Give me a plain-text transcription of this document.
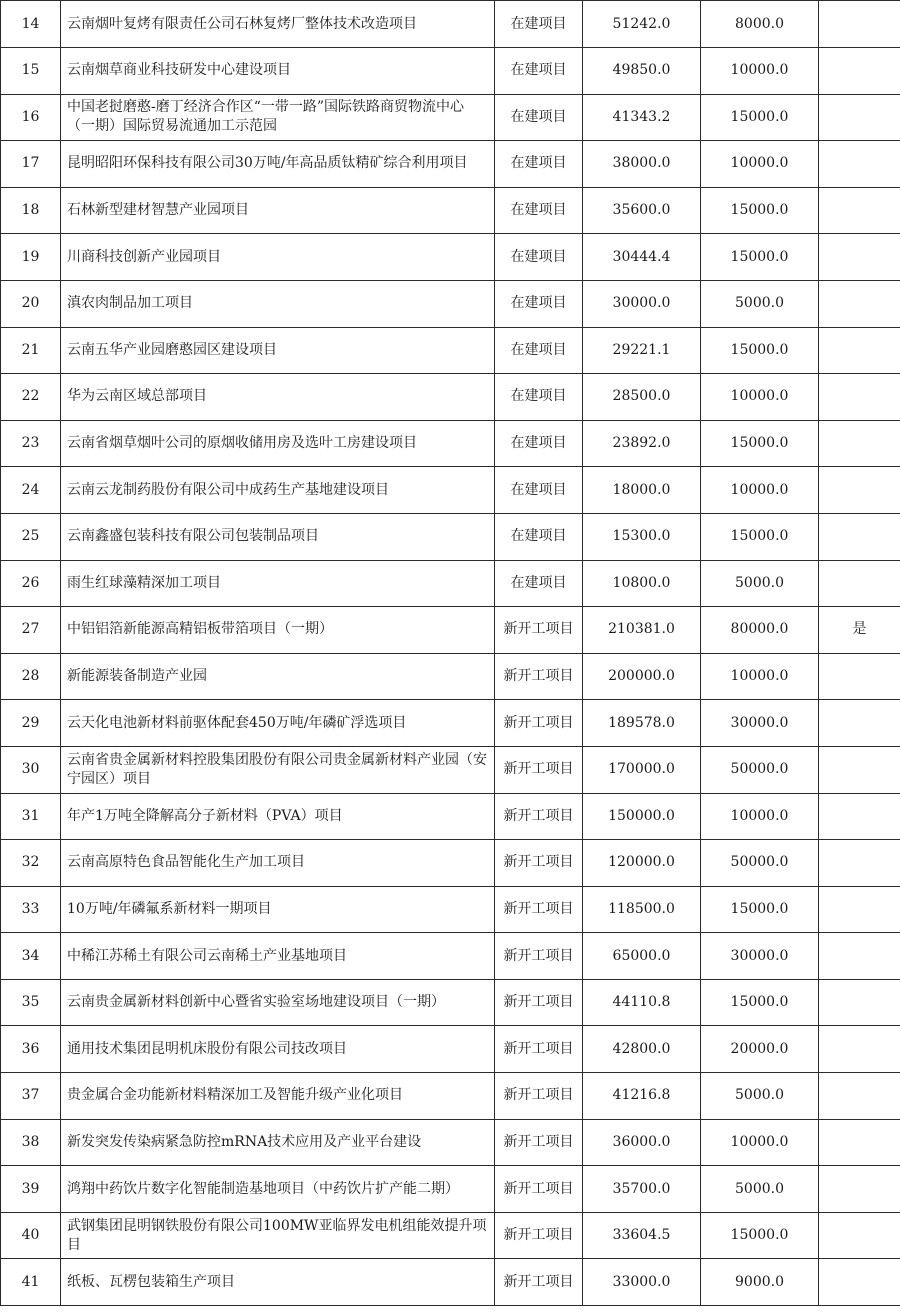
14	云南烟叶复烤有限责任公司石林复烤厂整体技术改造项目	在建项目	51242.0	8000.0	
15	云南烟草商业科技研发中心建设项目	在建项目	49850.0	10000.0	
16	中国老挝磨憨-磨丁经济合作区“一带一路”国际铁路商贸物流中心（一期）国际贸易流通加工示范园	在建项目	41343.2	15000.0	
17	昆明昭阳环保科技有限公司30万吨/年高品质钛精矿综合利用项目	在建项目	38000.0	10000.0	
18	石林新型建材智慧产业园项目	在建项目	35600.0	15000.0	
19	川商科技创新产业园项目	在建项目	30444.4	15000.0	
20	滇农肉制品加工项目	在建项目	30000.0	5000.0	
21	云南五华产业园磨憨园区建设项目	在建项目	29221.1	15000.0	
22	华为云南区域总部项目	在建项目	28500.0	10000.0	
23	云南省烟草烟叶公司的原烟收储用房及选叶工房建设项目	在建项目	23892.0	15000.0	
24	云南云龙制药股份有限公司中成药生产基地建设项目	在建项目	18000.0	10000.0	
25	云南鑫盛包装科技有限公司包装制品项目	在建项目	15300.0	15000.0	
26	雨生红球藻精深加工项目	在建项目	10800.0	5000.0	
27	中铝铝箔新能源高精铝板带箔项目（一期）	新开工项目	210381.0	80000.0	是
28	新能源装备制造产业园	新开工项目	200000.0	10000.0	
29	云天化电池新材料前驱体配套450万吨/年磷矿浮选项目	新开工项目	189578.0	30000.0	
30	云南省贵金属新材料控股集团股份有限公司贵金属新材料产业园（安宁园区）项目	新开工项目	170000.0	50000.0	
31	年产1万吨全降解高分子新材料（PVA）项目	新开工项目	150000.0	10000.0	
32	云南高原特色食品智能化生产加工项目	新开工项目	120000.0	50000.0	
33	10万吨/年磷氟系新材料一期项目	新开工项目	118500.0	15000.0	
34	中稀江苏稀土有限公司云南稀土产业基地项目	新开工项目	65000.0	30000.0	
35	云南贵金属新材料创新中心暨省实验室场地建设项目（一期）	新开工项目	44110.8	15000.0	
36	通用技术集团昆明机床股份有限公司技改项目	新开工项目	42800.0	20000.0	
37	贵金属合金功能新材料精深加工及智能升级产业化项目	新开工项目	41216.8	5000.0	
38	新发突发传染病紧急防控mRNA技术应用及产业平台建设	新开工项目	36000.0	10000.0	
39	鸿翔中药饮片数字化智能制造基地项目（中药饮片扩产能二期）	新开工项目	35700.0	5000.0	
40	武钢集团昆明钢铁股份有限公司100MW亚临界发电机组能效提升项目	新开工项目	33604.5	15000.0	
41	纸板、瓦楞包装箱生产项目	新开工项目	33000.0	9000.0	
